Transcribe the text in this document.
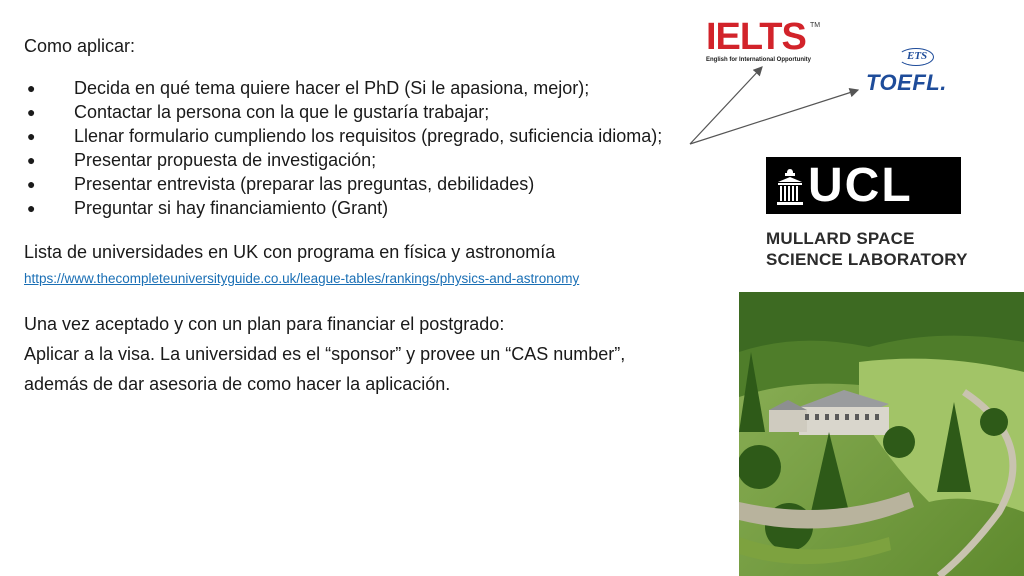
Como aplicar:
● Decida en qué tema quiere hacer el PhD (Si le apasiona, mejor);
● Contactar la persona con la que le gustaría trabajar;
● Llenar formulario cumpliendo los requisitos (pregrado, suficiencia idioma);
● Presentar propuesta de investigación;
● Presentar entrevista (preparar las preguntas, debilidades)
● Preguntar si hay financiamiento (Grant)
Lista de universidades en UK con programa en física y astronomía
https://www.thecompleteuniversityguide.co.uk/league-tables/rankings/physics-and-astronomy
Una vez aceptado y con un plan para financiar el postgrado:
Aplicar a la visa. La universidad es el “sponsor” y provee un “CAS number”,
además de dar asesoria de como hacer la aplicación.
IELTS TM
English for International Opportunity	ETS
TOEFL.
UCL
MULLARD SPACE
SCIENCE LABORATORY
